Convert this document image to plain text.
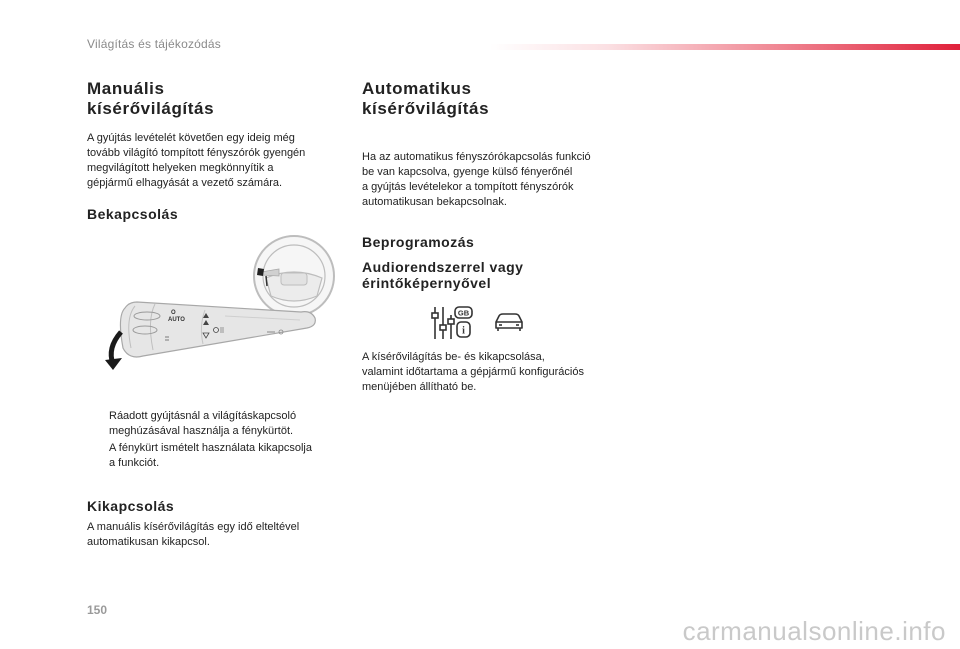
Világítás és tájékozódás
Manuális
kísérővilágítás

A gyújtás levételét követően egy ideig még
tovább világító tompított fényszórók gyengén
megvilágított helyeken megkönnyítik a
gépjármű elhagyását a vezető számára.

Bekapcsolás
AUTO
O
Ráadott gyújtásnál a világításkapcsoló
meghúzásával használja a fénykürtöt.
A fénykürt ismételt használata kikapcsolja
a funkciót.
Kikapcsolás

A manuális kísérővilágítás egy idő elteltével
automatikusan kikapcsol.

Automatikus
kísérővilágítás

Ha az automatikus fényszórókapcsolás funkció
be van kapcsolva, gyenge külső fényerőnél
a gyújtás levételekor a tompított fényszórók
automatikusan bekapcsolnak.

Beprogramozás
Audiorendszerrel vagy
érintőképernyővel
GB
i

A kísérővilágítás be- és kikapcsolása,
valamint időtartama a gépjármű konfigurációs
menüjében állítható be.

150
carmanualsonline.info
